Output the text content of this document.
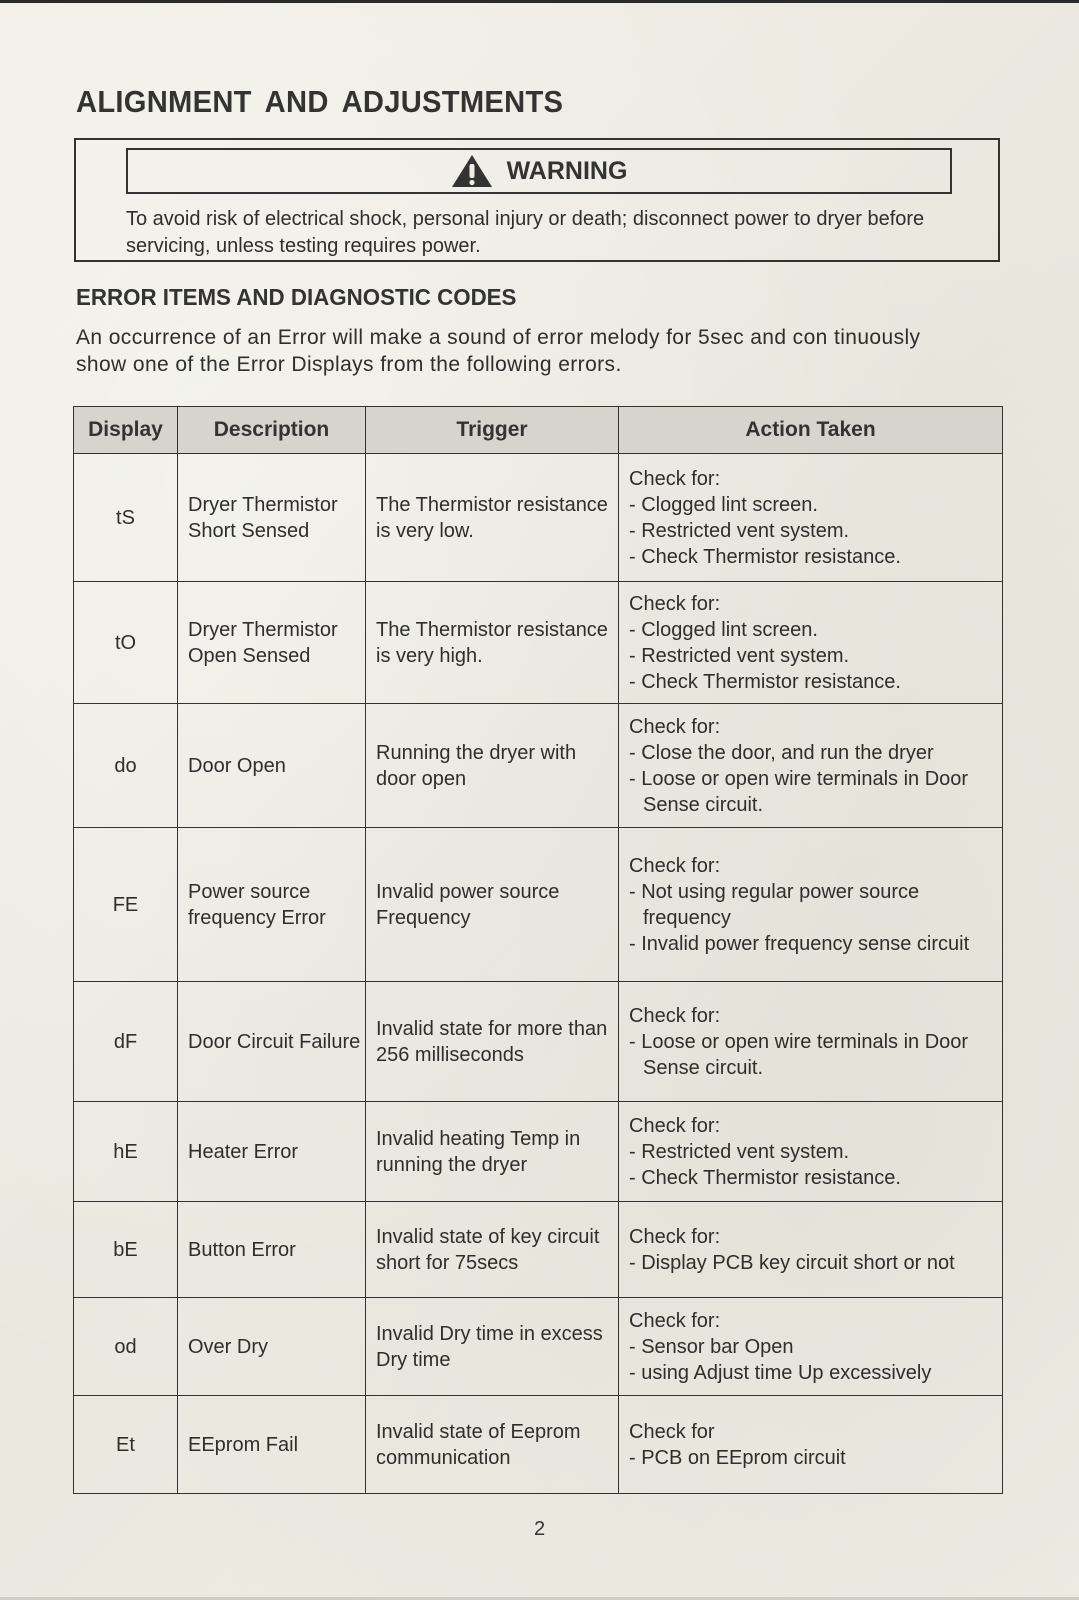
ALIGNMENT AND ADJUSTMENTS
WARNING
To avoid risk of electrical shock, personal injury or death; disconnect power to dryer before servicing, unless testing requires power.
ERROR ITEMS AND DIAGNOSTIC CODES
An occurrence of an Error will make a sound of error melody for 5sec and con tinuously show one of the Error Displays from the following errors.
Display	Description	Trigger	Action Taken
tS	Dryer Thermistor Short Sensed	The Thermistor resistance is very low.	Check for:
- Clogged lint screen.
- Restricted vent system.
- Check Thermistor resistance.

tO	Dryer Thermistor Open Sensed	The Thermistor resistance is very high.	Check for:
- Clogged lint screen.
- Restricted vent system.
- Check Thermistor resistance.

do	Door Open	Running the dryer with door open	Check for:
- Close the door, and run the dryer
- Loose or open wire terminals in Door Sense circuit.

FE	Power source frequency Error	Invalid power source Frequency	Check for:
- Not using regular power source frequency
- Invalid power frequency sense circuit

dF	Door Circuit Failure	Invalid state for more than 256 milliseconds	Check for:
- Loose or open wire terminals in Door Sense circuit.

hE	Heater Error	Invalid heating Temp in running the dryer	Check for:
- Restricted vent system.
- Check Thermistor resistance.

bE	Button Error	Invalid state of key circuit short for 75secs	Check for:
- Display PCB key circuit short or not

od	Over Dry	Invalid Dry time in excess Dry time	Check for:
- Sensor bar Open
- using Adjust time Up excessively

Et	EEprom Fail	Invalid state of Eeprom communication	Check for
- PCB on EEprom circuit
2
